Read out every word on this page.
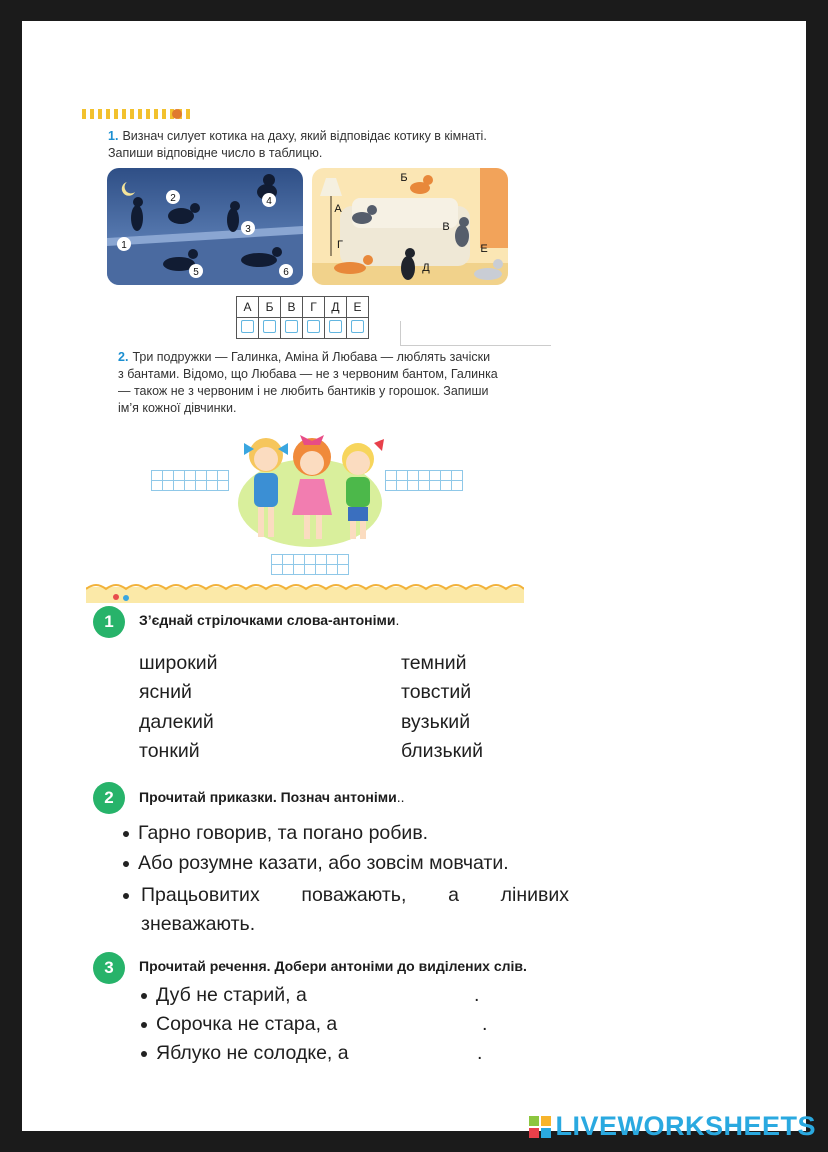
1. Визнач силует котика на даху, який відповідає котику в кімнаті. Запиши відповідне число в таблицю.
1
2
3
4
5	6
А
Б
В
Г
Д
Е
А	Б	В	Г	Д	Е

2. Три подружки — Галинка, Аміна й Любава — люблять зачіски з бантами. Відомо, що Любава — не з червоним бантом, Галинка — також не з червоним і не любить бантиків у горошок. Запиши ім’я кожної дівчинки.
1	З’єднай стрілочками слова-антоніми.
широкий
ясний
далекий
тонкий
темний
товстий
вузький
близький
2	Прочитай приказки. Познач антоніми..
Гарно говорив, та погано робив.
Або розумне казати, або зовсім мовчати.
Працьовитих поважають, а лінивих зневажають.
3	Прочитай речення. Добери антоніми до виділених слів.
Дуб не старий, а	.
Сорочка не стара, а	.
Яблуко не солодке, а	.
LIVEWORKSHEETS
